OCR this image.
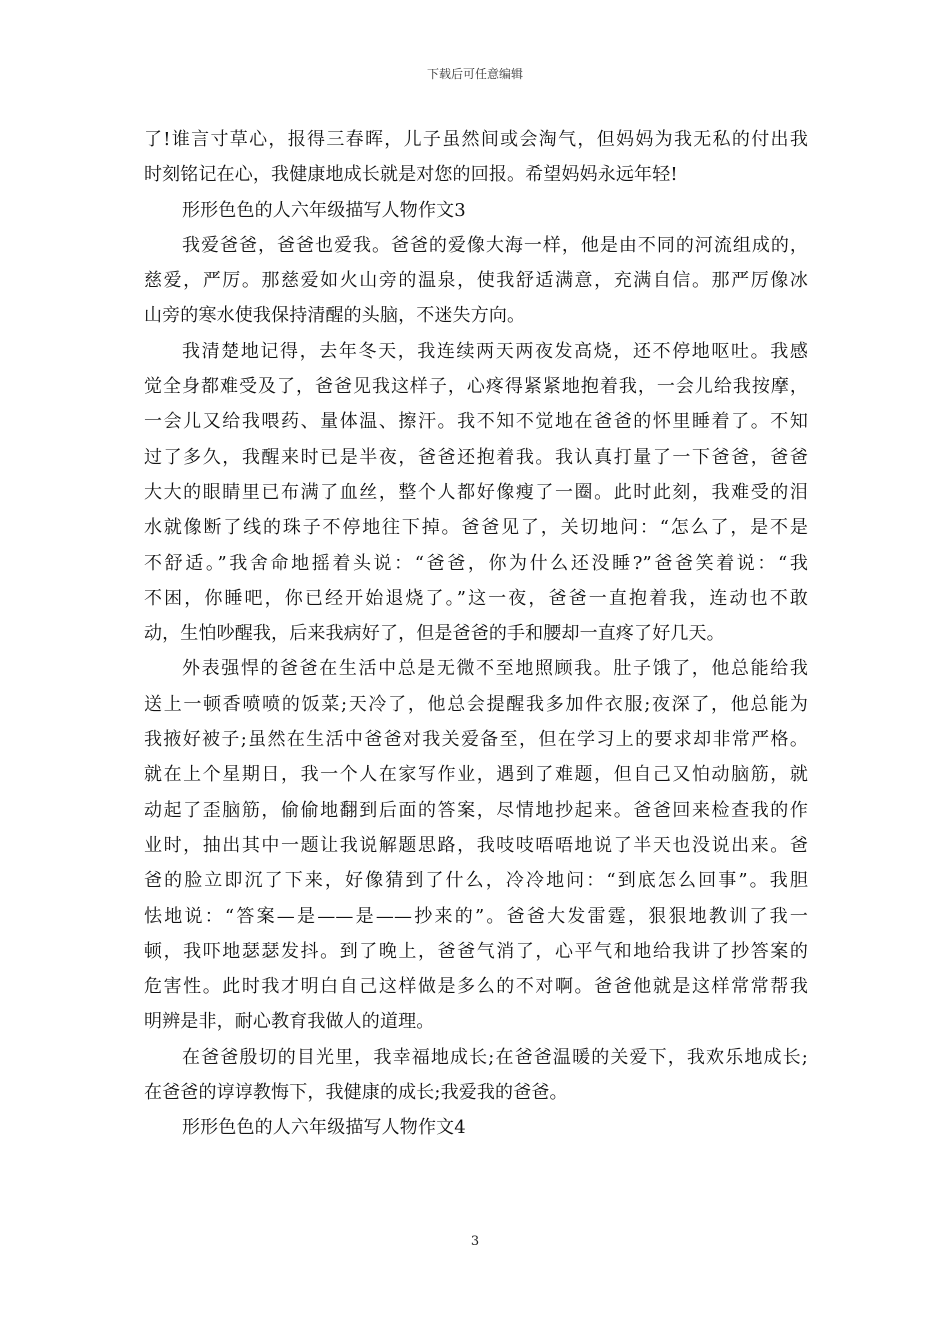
下载后可任意编辑
了!谁言寸草心，报得三春晖，儿子虽然间或会淘气，但妈妈为我无私的付出我
时刻铭记在心，我健康地成长就是对您的回报。希望妈妈永远年轻!
形形色色的人六年级描写人物作文3
我爱爸爸，爸爸也爱我。爸爸的爱像大海一样，他是由不同的河流组成的，
慈爱，严厉。那慈爱如火山旁的温泉，使我舒适满意，充满自信。那严厉像冰
山旁的寒水使我保持清醒的头脑，不迷失方向。
我清楚地记得，去年冬天，我连续两天两夜发高烧，还不停地呕吐。我感
觉全身都难受及了，爸爸见我这样子，心疼得紧紧地抱着我，一会儿给我按摩，
一会儿又给我喂药、量体温、擦汗。我不知不觉地在爸爸的怀里睡着了。不知
过了多久，我醒来时已是半夜，爸爸还抱着我。我认真打量了一下爸爸，爸爸
大大的眼睛里已布满了血丝，整个人都好像瘦了一圈。此时此刻，我难受的泪
水就像断了线的珠子不停地往下掉。爸爸见了，关切地问：“怎么了，是不是
不舒适。”我舍命地摇着头说：“爸爸，你为什么还没睡?”爸爸笑着说：“我
不困，你睡吧，你已经开始退烧了。”这一夜，爸爸一直抱着我，连动也不敢
动，生怕吵醒我，后来我病好了，但是爸爸的手和腰却一直疼了好几天。
外表强悍的爸爸在生活中总是无微不至地照顾我。肚子饿了，他总能给我
送上一顿香喷喷的饭菜;天冷了，他总会提醒我多加件衣服;夜深了，他总能为
我掖好被子;虽然在生活中爸爸对我关爱备至，但在学习上的要求却非常严格。
就在上个星期日，我一个人在家写作业，遇到了难题，但自己又怕动脑筋，就
动起了歪脑筋，偷偷地翻到后面的答案，尽情地抄起来。爸爸回来检查我的作
业时，抽出其中一题让我说解题思路，我吱吱唔唔地说了半天也没说出来。爸
爸的脸立即沉了下来，好像猜到了什么，冷冷地问：“到底怎么回事”。我胆
怯地说：“答案—是——是——抄来的”。爸爸大发雷霆，狠狠地教训了我一
顿，我吓地瑟瑟发抖。到了晚上，爸爸气消了，心平气和地给我讲了抄答案的
危害性。此时我才明白自己这样做是多么的不对啊。爸爸他就是这样常常帮我
明辨是非，耐心教育我做人的道理。
在爸爸殷切的目光里，我幸福地成长;在爸爸温暖的关爱下，我欢乐地成长;
在爸爸的谆谆教悔下，我健康的成长;我爱我的爸爸。
形形色色的人六年级描写人物作文4
3
